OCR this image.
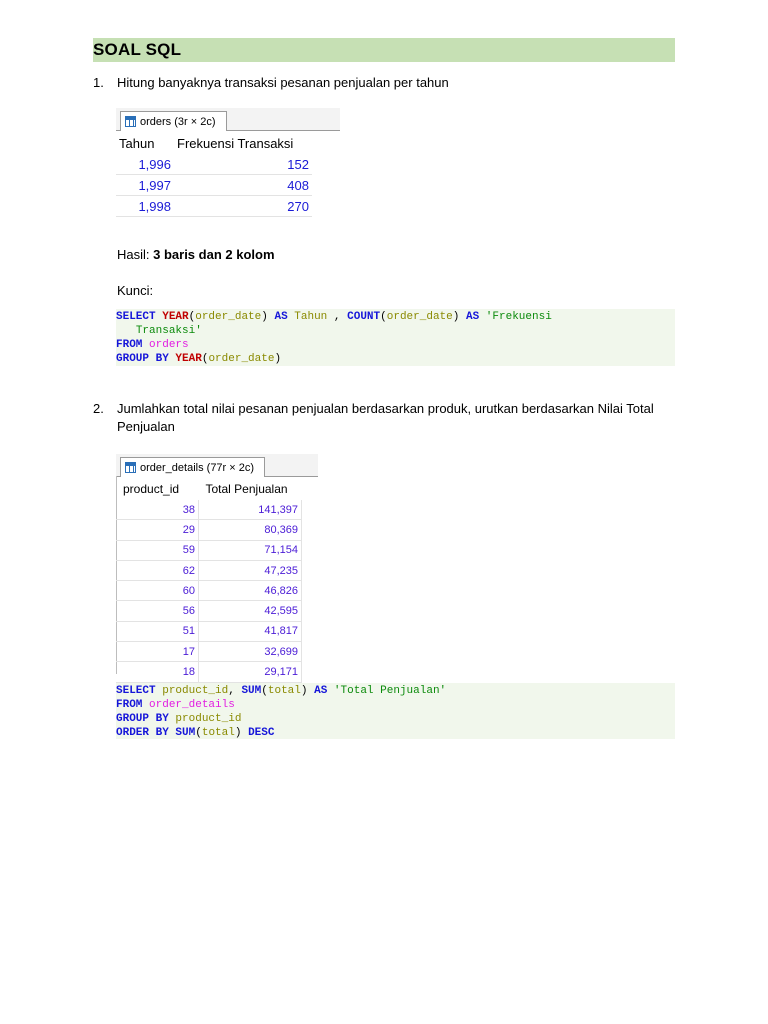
SOAL SQL
1. Hitung banyaknya transaksi pesanan penjualan per tahun
orders (3r × 2c)
Tahun	Frekuensi Transaksi
1,996	152
1,997	408
1,998	270
Hasil: 3 baris dan 2 kolom
Kunci:
SELECT YEAR(order_date) AS Tahun , COUNT(order_date) AS 'Frekuensi
Transaksi'
FROM orders
GROUP BY YEAR(order_date)
2. Jumlahkan total nilai pesanan penjualan berdasarkan produk, urutkan berdasarkan Nilai Total
Penjualan
order_details (77r × 2c)
product_id	Total Penjualan
38	141,397
29	80,369
59	71,154
62	47,235
60	46,826
56	42,595
51	41,817
17	32,699
18	29,171
SELECT product_id, SUM(total) AS 'Total Penjualan'
FROM order_details
GROUP BY product_id
ORDER BY SUM(total) DESC
